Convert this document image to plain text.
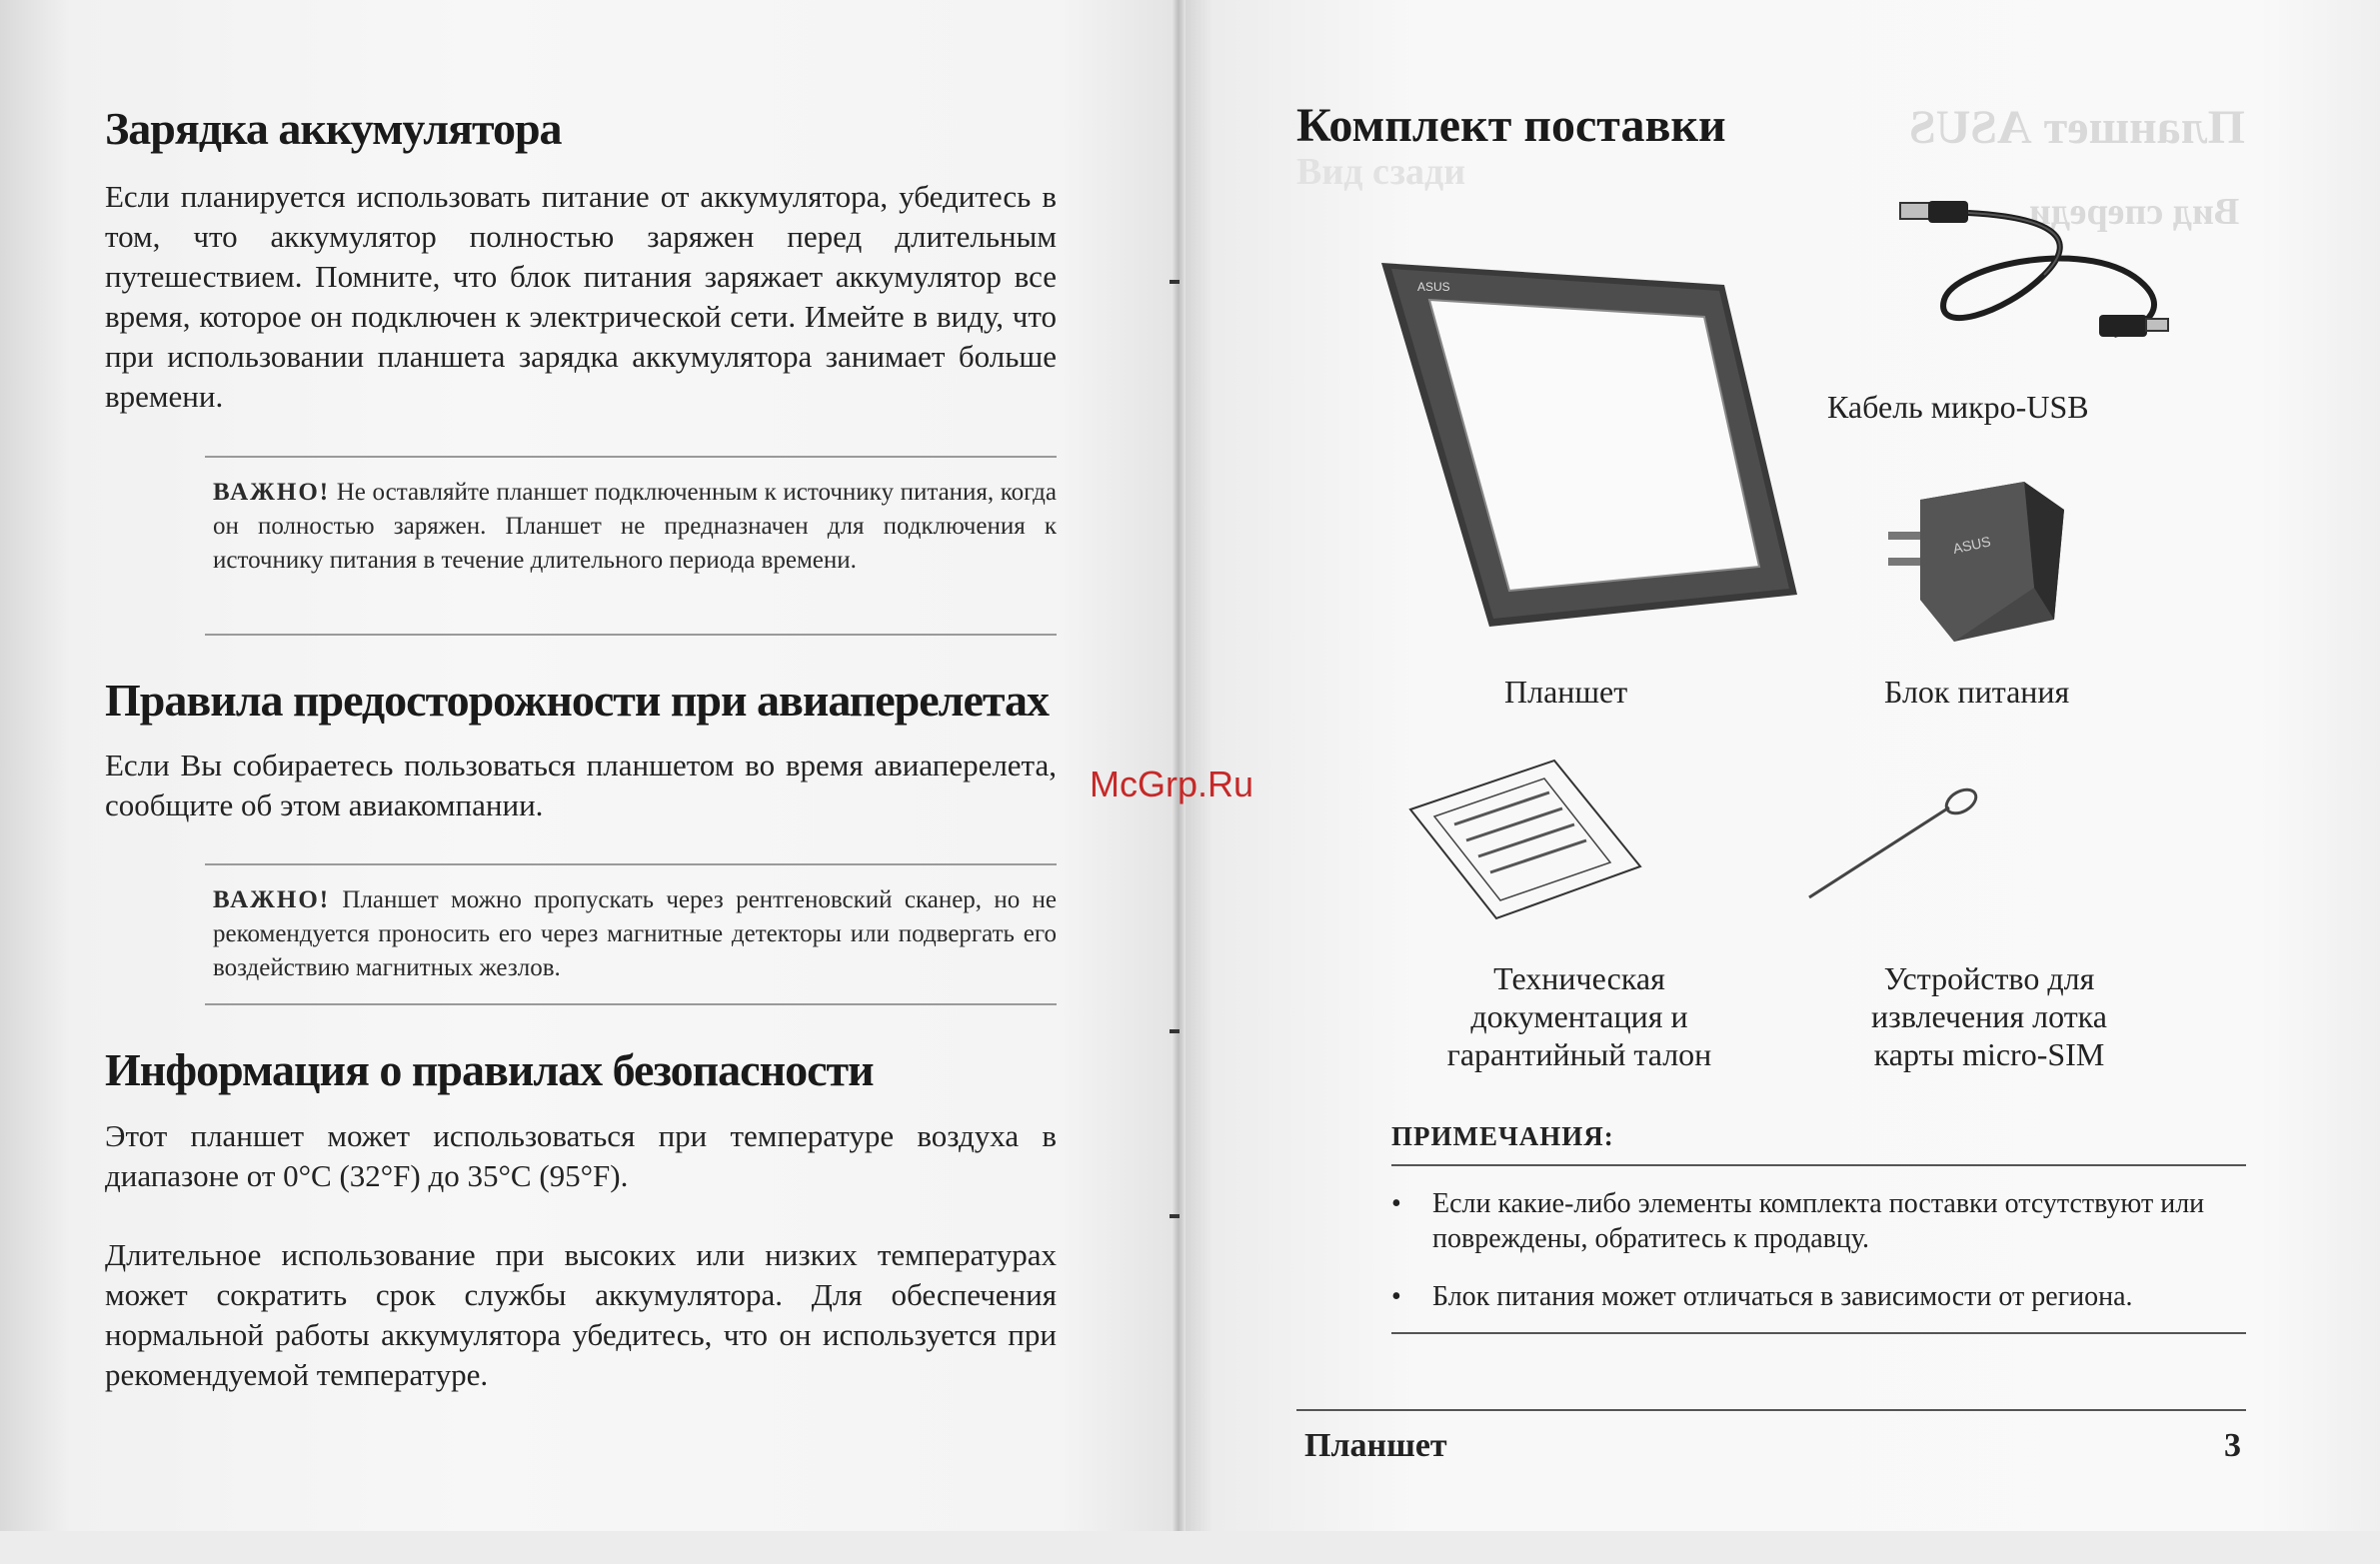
Зарядка аккумулятора

Если планируется использовать питание от аккумулятора, убедитесь в том, что аккумулятор полностью заряжен перед длительным путешествием. Помните, что блок питания заряжает аккумулятор все время, которое он подключен к электрической сети. Имейте в виду, что при использовании планшета зарядка аккумулятора занимает больше времени.

ВАЖНО! Не оставляйте планшет подключенным к источнику питания, когда он полностью заряжен. Планшет не предназначен для подключения к источнику питания в течение длительного периода времени.

Правила предосторожности при авиаперелетах

Если Вы собираетесь пользоваться планшетом во время авиаперелета, сообщите об этом авиакомпании.

ВАЖНО! Планшет можно пропускать через рентгеновский сканер, но не рекомендуется проносить его через магнитные детекторы или подвергать его воздействию магнитных жезлов.

Информация о правилах безопасности

Этот планшет может использоваться при температуре воздуха в диапазоне от 0°C (32°F) до 35°C (95°F).

Длительное использование при высоких или низких температурах может сократить срок службы аккумулятора. Для обеспечения нормальной работы аккумулятора убедитесь, что он используется при рекомендуемой температуре.

Планшет ASUS
Вид спереди
Вид сзади
Комплект поставки
ASUS
Кабель микро-USB
ASUS
Планшет	Блок питания
Техническая
документация и
гарантийный талон
Устройство для
извлечения лотка
карты micro-SIM
ПРИМЕЧАНИЯ:
• Если какие-либо элементы комплекта поставки отсутствуют или повреждены, обратитесь к продавцу.
• Блок питания может отличаться в зависимости от региона.
Планшет	3
McGrp.Ru
